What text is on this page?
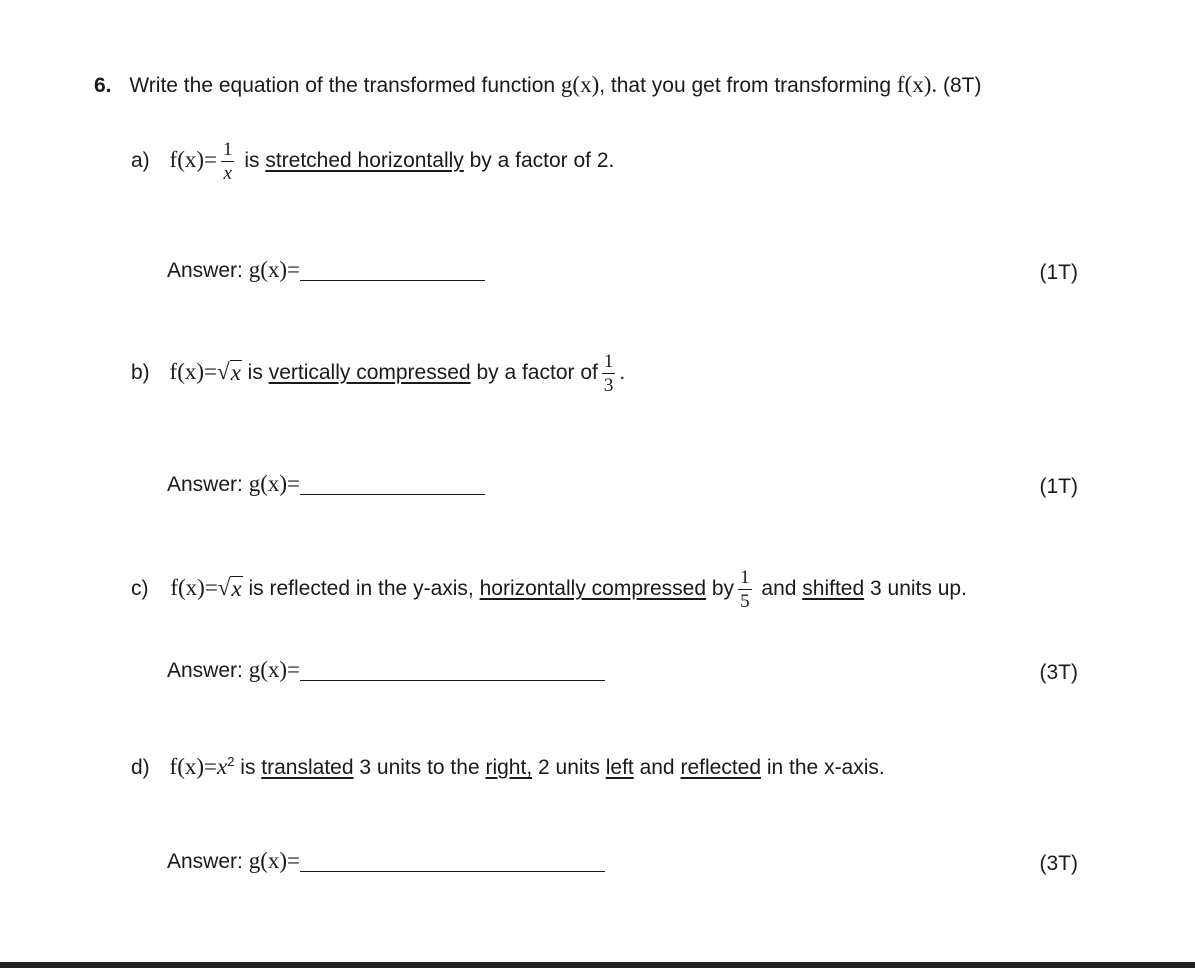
6. Write the equation of the transformed function g(x), that you get from transforming f(x). (8T)
a) $f(x)= \frac{1}{x}$ is stretched horizontally by a factor of 2.
Answer: g(x)=	(1T)
b) f(x)= √ x is vertically compressed by a factor of $\frac{1}{3}$ .
Answer: g(x)=	(1T)
c) f(x)= √ x is reflected in the y-axis, horizontally compressed by $\frac{1}{5}$ and shifted 3 units up.
Answer: g(x)=	(3T)
d) $f(x)=x^2$ is translated 3 units to the right, 2 units left and reflected in the x-axis.
Answer: g(x)=	(3T)
